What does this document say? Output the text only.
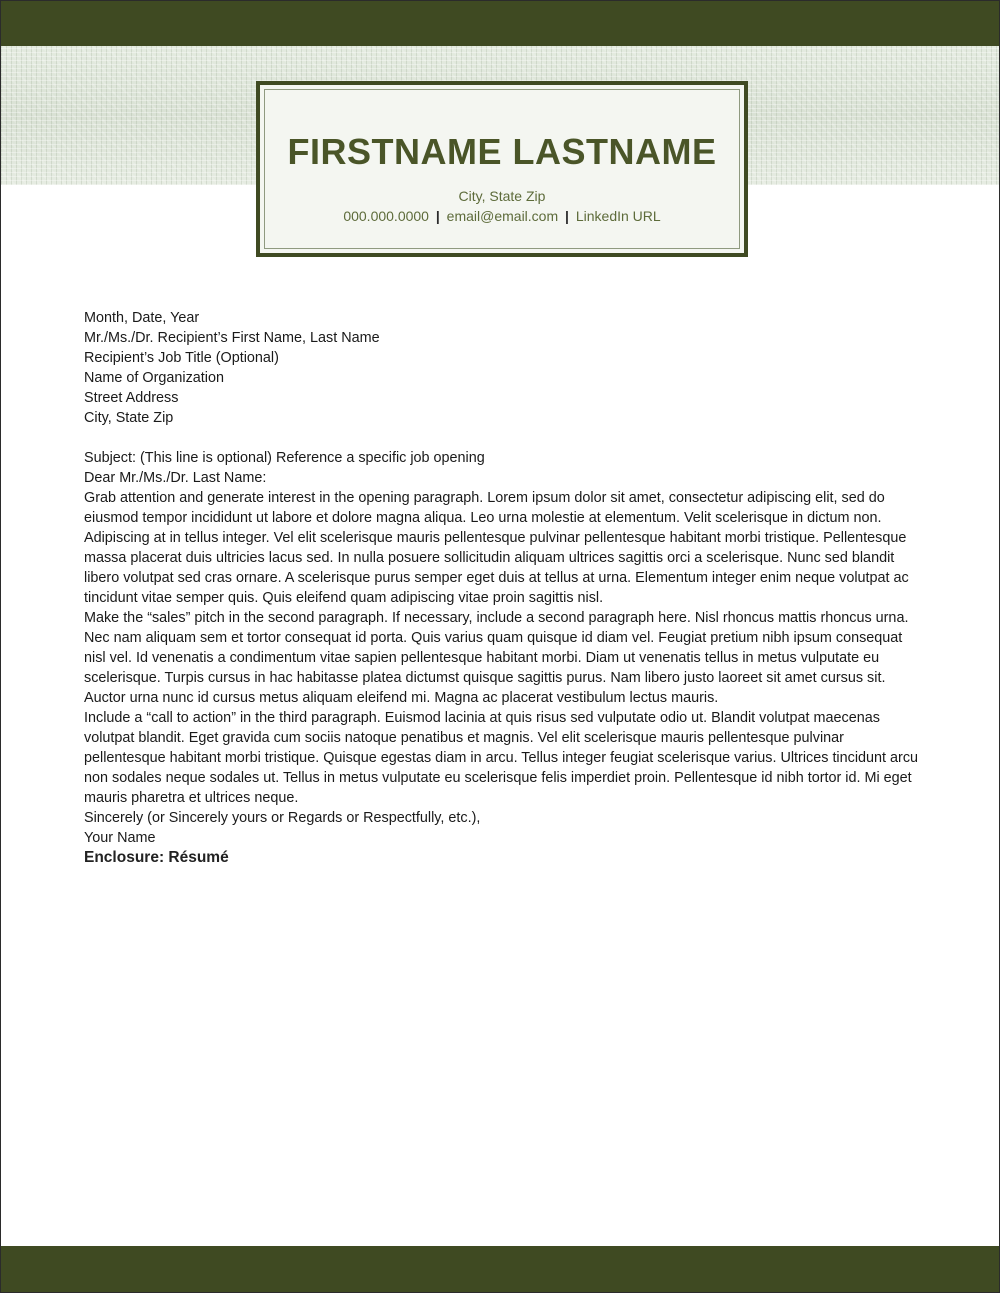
FIRSTNAME LASTNAME
City, State Zip
000.000.0000 | email@email.com | LinkedIn URL

Month, Date, Year

Mr./Ms./Dr. Recipient’s First Name, Last Name
Recipient’s Job Title (Optional)
Name of Organization
Street Address
City, State Zip

Subject: (This line is optional) Reference a specific job opening

Dear Mr./Ms./Dr. Last Name:

Grab attention and generate interest in the opening paragraph. Lorem ipsum dolor sit amet, consectetur adipiscing elit, sed do eiusmod tempor incididunt ut labore et dolore magna aliqua. Leo urna molestie at elementum. Velit scelerisque in dictum non. Adipiscing at in tellus integer. Vel elit scelerisque mauris pellentesque pulvinar pellentesque habitant morbi tristique. Pellentesque massa placerat duis ultricies lacus sed. In nulla posuere sollicitudin aliquam ultrices sagittis orci a scelerisque. Nunc sed blandit libero volutpat sed cras ornare. A scelerisque purus semper eget duis at tellus at urna. Elementum integer enim neque volutpat ac tincidunt vitae semper quis. Quis eleifend quam adipiscing vitae proin sagittis nisl.

Make the “sales” pitch in the second paragraph. If necessary, include a second paragraph here. Nisl rhoncus mattis rhoncus urna. Nec nam aliquam sem et tortor consequat id porta. Quis varius quam quisque id diam vel. Feugiat pretium nibh ipsum consequat nisl vel. Id venenatis a condimentum vitae sapien pellentesque habitant morbi. Diam ut venenatis tellus in metus vulputate eu scelerisque. Turpis cursus in hac habitasse platea dictumst quisque sagittis purus. Nam libero justo laoreet sit amet cursus sit. Auctor urna nunc id cursus metus aliquam eleifend mi. Magna ac placerat vestibulum lectus mauris.

Include a “call to action” in the third paragraph. Euismod lacinia at quis risus sed vulputate odio ut. Blandit volutpat maecenas volutpat blandit. Eget gravida cum sociis natoque penatibus et magnis. Vel elit scelerisque mauris pellentesque pulvinar pellentesque habitant morbi tristique. Quisque egestas diam in arcu. Tellus integer feugiat scelerisque varius. Ultrices tincidunt arcu non sodales neque sodales ut. Tellus in metus vulputate eu scelerisque felis imperdiet proin. Pellentesque id nibh tortor id. Mi eget mauris pharetra et ultrices neque.

Sincerely (or Sincerely yours or Regards or Respectfully, etc.),

Your Name

Enclosure: Résumé
